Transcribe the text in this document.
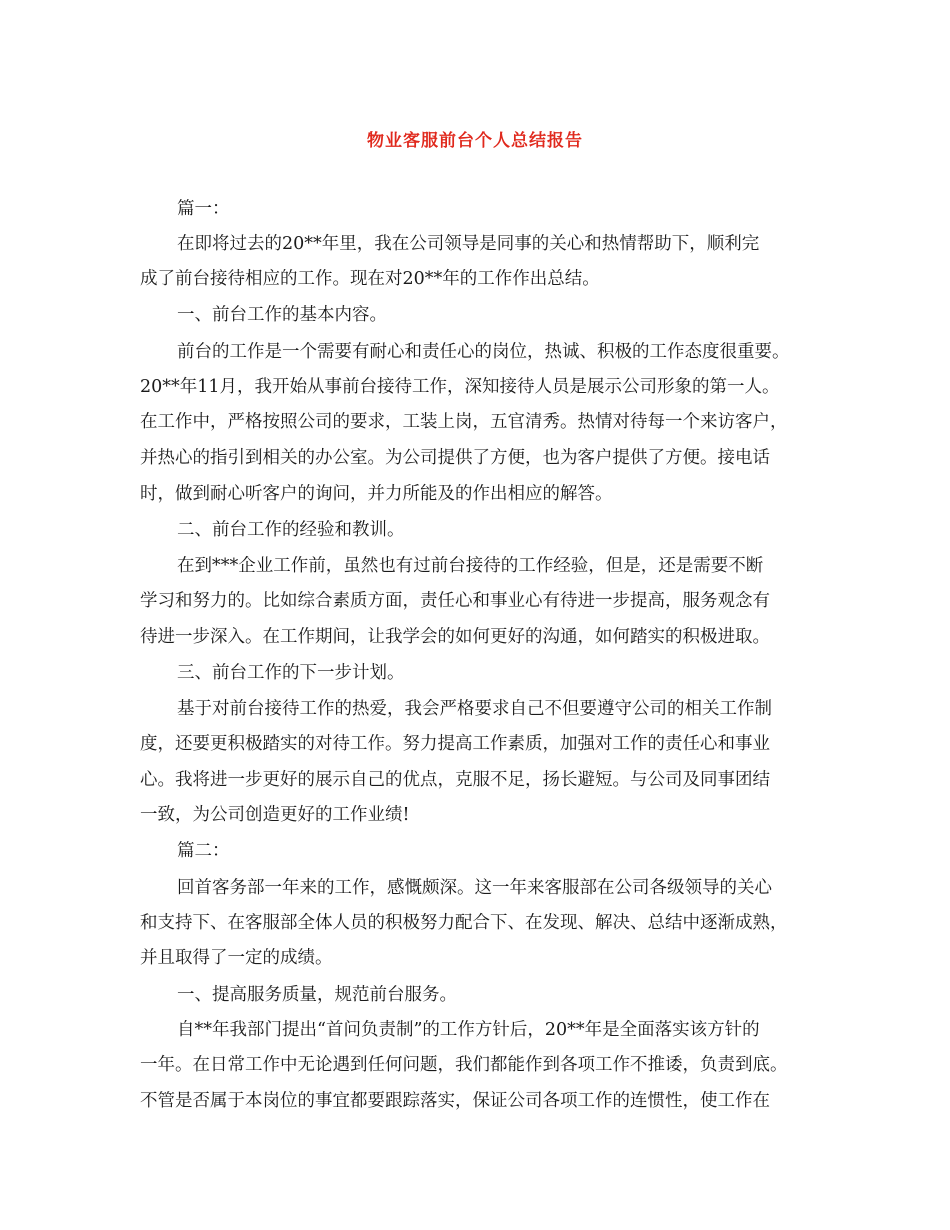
物业客服前台个人总结报告
篇一：
在即将过去的20**年里，我在公司领导是同事的关心和热情帮助下，顺利完
成了前台接待相应的工作。现在对20**年的工作作出总结。
一、前台工作的基本内容。
前台的工作是一个需要有耐心和责任心的岗位，热诚、积极的工作态度很重要。
20**年11月，我开始从事前台接待工作，深知接待人员是展示公司形象的第一人。
在工作中，严格按照公司的要求，工装上岗，五官清秀。热情对待每一个来访客户，
并热心的指引到相关的办公室。为公司提供了方便，也为客户提供了方便。接电话
时，做到耐心听客户的询问，并力所能及的作出相应的解答。
二、前台工作的经验和教训。
在到***企业工作前，虽然也有过前台接待的工作经验，但是，还是需要不断
学习和努力的。比如综合素质方面，责任心和事业心有待进一步提高，服务观念有
待进一步深入。在工作期间，让我学会的如何更好的沟通，如何踏实的积极进取。
三、前台工作的下一步计划。
基于对前台接待工作的热爱，我会严格要求自己不但要遵守公司的相关工作制
度，还要更积极踏实的对待工作。努力提高工作素质，加强对工作的责任心和事业
心。我将进一步更好的展示自己的优点，克服不足，扬长避短。与公司及同事团结
一致，为公司创造更好的工作业绩!
篇二：
回首客务部一年来的工作，感慨颇深。这一年来客服部在公司各级领导的关心
和支持下、在客服部全体人员的积极努力配合下、在发现、解决、总结中逐渐成熟，
并且取得了一定的成绩。
一、提高服务质量，规范前台服务。
自**年我部门提出“首问负责制”的工作方针后，20**年是全面落实该方针的
一年。在日常工作中无论遇到任何问题，我们都能作到各项工作不推诿，负责到底。
不管是否属于本岗位的事宜都要跟踪落实，保证公司各项工作的连惯性，使工作在
